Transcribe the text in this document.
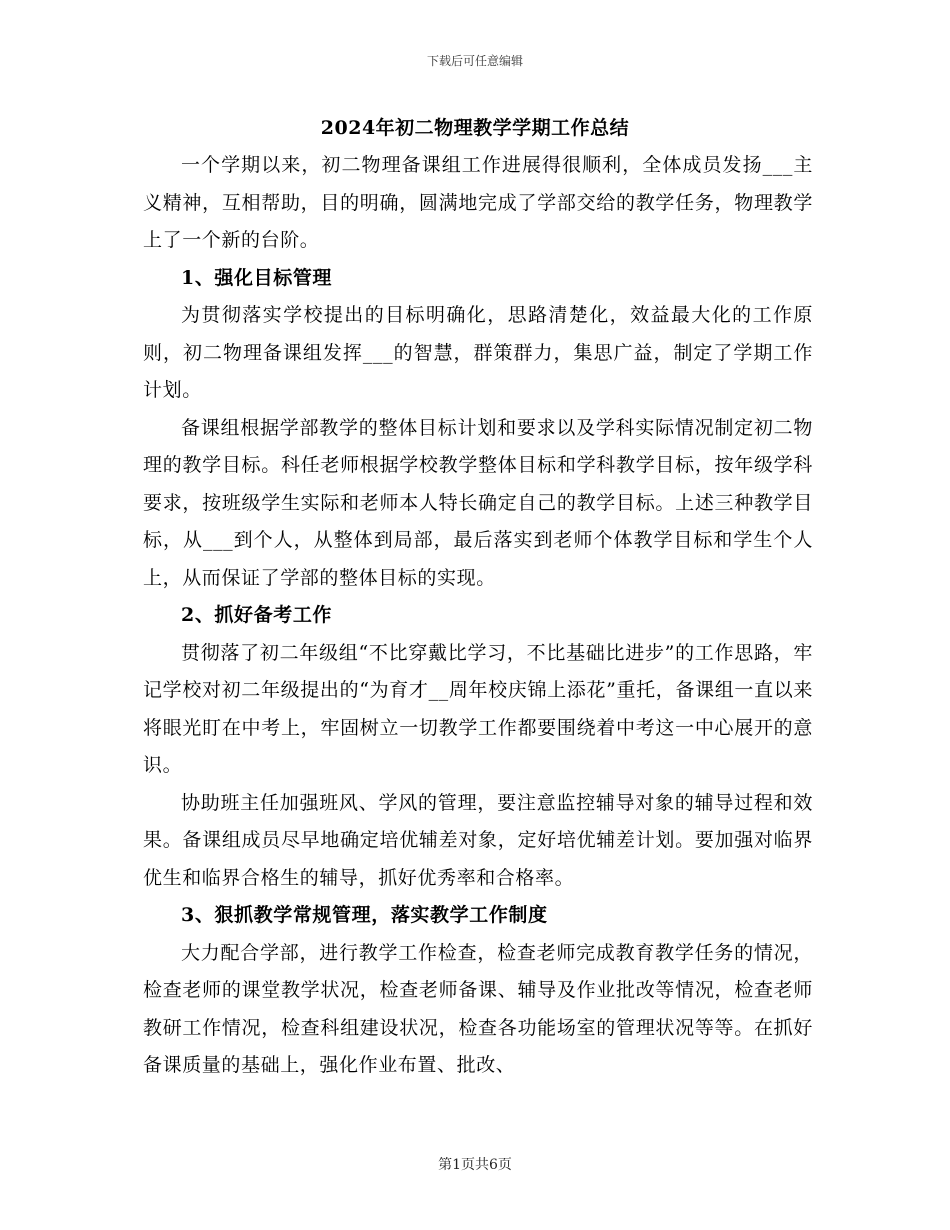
下载后可任意编辑
2024年初二物理教学学期工作总结

一个学期以来，初二物理备课组工作进展得很顺利，全体成员发扬___主义精神，互相帮助，目的明确，圆满地完成了学部交给的教学任务，物理教学上了一个新的台阶。

1、强化目标管理

为贯彻落实学校提出的目标明确化，思路清楚化，效益最大化的工作原则，初二物理备课组发挥___的智慧，群策群力，集思广益，制定了学期工作计划。

备课组根据学部教学的整体目标计划和要求以及学科实际情况制定初二物理的教学目标。科任老师根据学校教学整体目标和学科教学目标，按年级学科要求，按班级学生实际和老师本人特长确定自己的教学目标。上述三种教学目标，从___到个人，从整体到局部，最后落实到老师个体教学目标和学生个人上，从而保证了学部的整体目标的实现。

2、抓好备考工作

贯彻落了初二年级组“不比穿戴比学习，不比基础比进步”的工作思路，牢记学校对初二年级提出的“为育才__周年校庆锦上添花”重托，备课组一直以来将眼光盯在中考上，牢固树立一切教学工作都要围绕着中考这一中心展开的意识。

协助班主任加强班风、学风的管理，要注意监控辅导对象的辅导过程和效果。备课组成员尽早地确定培优辅差对象，定好培优辅差计划。要加强对临界优生和临界合格生的辅导，抓好优秀率和合格率。

3、狠抓教学常规管理，落实教学工作制度

大力配合学部，进行教学工作检查，检查老师完成教育教学任务的情况，检查老师的课堂教学状况，检查老师备课、辅导及作业批改等情况，检查老师教研工作情况，检查科组建设状况，检查各功能场室的管理状况等等。在抓好备课质量的基础上，强化作业布置、批改、

第1页共6页
